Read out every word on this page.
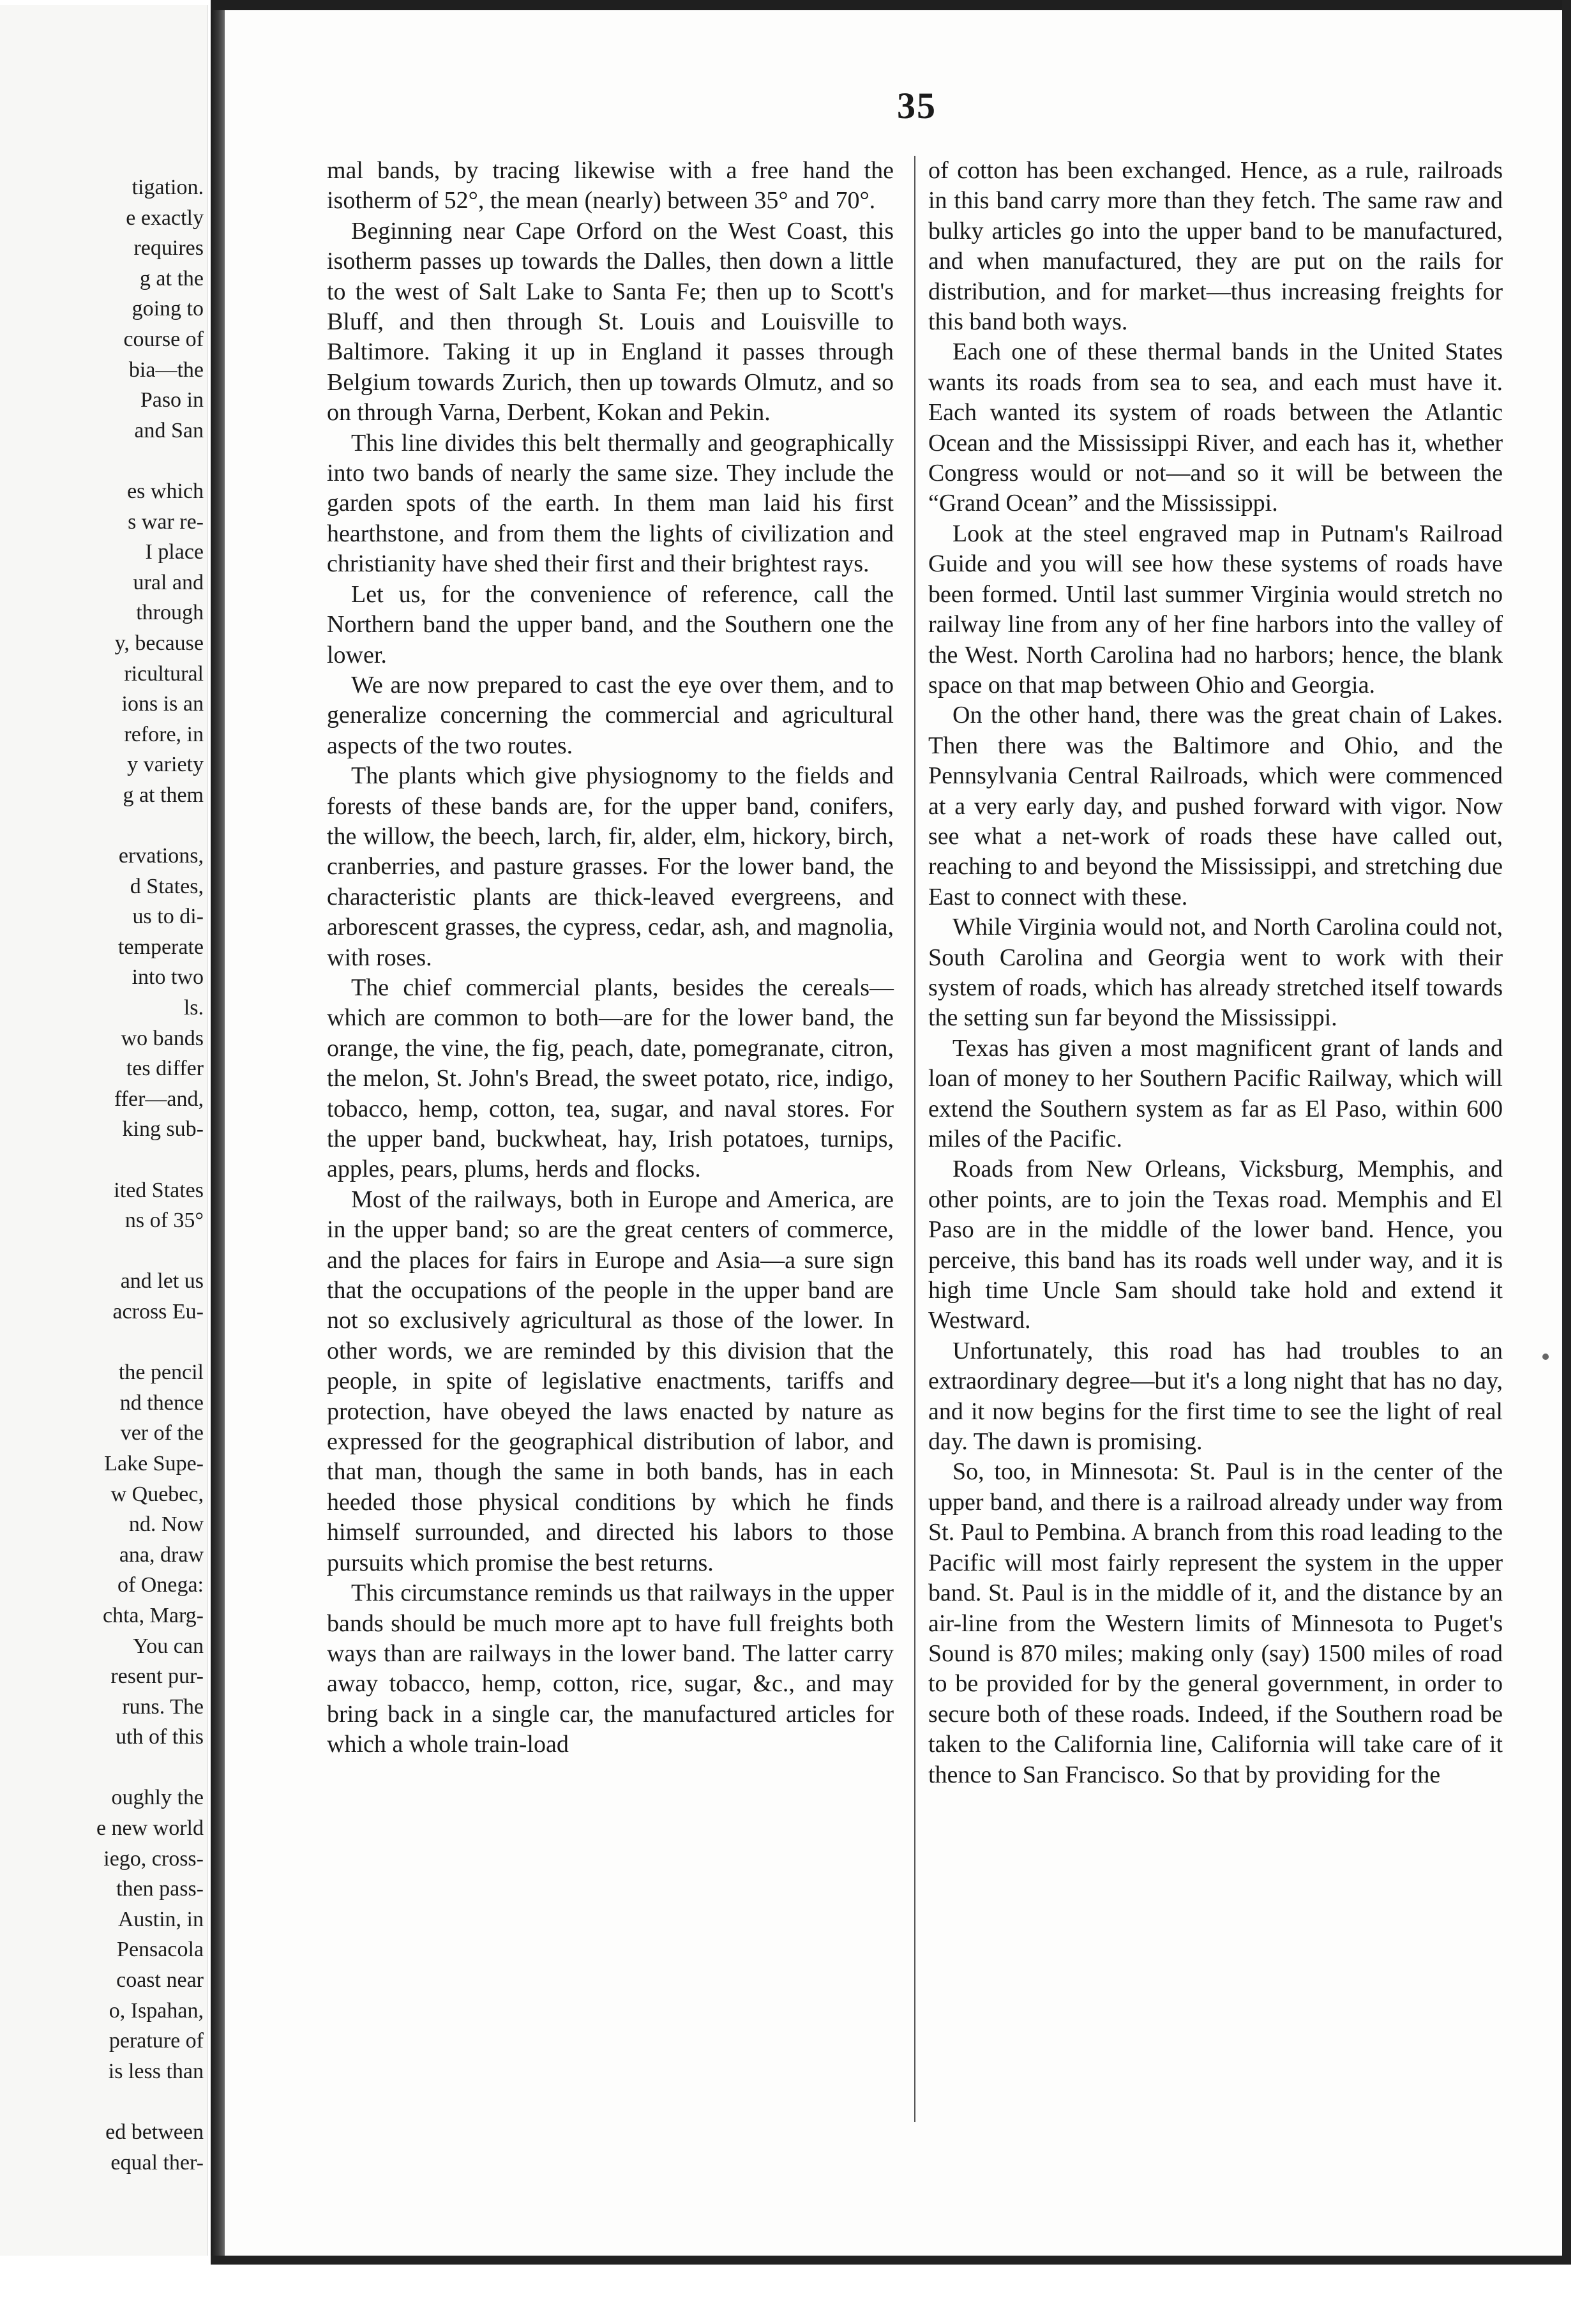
tigation.
e exactly
requires
g at the
going to
course of
bia—the
Paso in
and San
es which
s war re-
I place
ural and
through
y, because
ricultural
ions is an
refore, in
y variety
g at them
ervations,
d States,
us to di-
temperate
into two
ls.
wo bands
tes differ
ffer—and,
king sub-
ited States
ns of 35°
and let us
across Eu-
the pencil
nd thence
ver of the
Lake Supe-
w Quebec,
nd. Now
ana, draw
of Onega:
chta, Marg-
You can
resent pur-
runs. The
uth of this
oughly the
e new world
iego, cross-
then pass-
Austin, in
Pensacola
coast near
o, Ispahan,
perature of
is less than
ed between
equal ther-
35

mal bands, by tracing likewise with a free hand the isotherm of 52°, the mean (nearly) between 35° and 70°.

Beginning near Cape Orford on the West Coast, this isotherm passes up towards the Dalles, then down a little to the west of Salt Lake to Santa Fe; then up to Scott's Bluff, and then through St. Louis and Louisville to Baltimore. Taking it up in England it passes through Belgium towards Zurich, then up towards Olmutz, and so on through Varna, Derbent, Kokan and Pekin.

This line divides this belt thermally and geographically into two bands of nearly the same size. They include the garden spots of the earth. In them man laid his first hearthstone, and from them the lights of civilization and christianity have shed their first and their brightest rays.

Let us, for the convenience of reference, call the Northern band the upper band, and the Southern one the lower.

We are now prepared to cast the eye over them, and to generalize concerning the commercial and agricultural aspects of the two routes.

The plants which give physiognomy to the fields and forests of these bands are, for the upper band, conifers, the willow, the beech, larch, fir, alder, elm, hickory, birch, cranberries, and pasture grasses. For the lower band, the characteristic plants are thick-leaved evergreens, and arborescent grasses, the cypress, cedar, ash, and magnolia, with roses.

The chief commercial plants, besides the cereals—which are common to both—are for the lower band, the orange, the vine, the fig, peach, date, pomegranate, citron, the melon, St. John's Bread, the sweet potato, rice, indigo, tobacco, hemp, cotton, tea, sugar, and naval stores. For the upper band, buckwheat, hay, Irish potatoes, turnips, apples, pears, plums, herds and flocks.

Most of the railways, both in Europe and America, are in the upper band; so are the great centers of commerce, and the places for fairs in Europe and Asia—a sure sign that the occupations of the people in the upper band are not so exclusively agricultural as those of the lower. In other words, we are reminded by this division that the people, in spite of legislative enactments, tariffs and protection, have obeyed the laws enacted by nature as expressed for the geographical distribution of labor, and that man, though the same in both bands, has in each heeded those physical conditions by which he finds himself surrounded, and directed his labors to those pursuits which promise the best returns.

This circumstance reminds us that railways in the upper bands should be much more apt to have full freights both ways than are railways in the lower band. The latter carry away tobacco, hemp, cotton, rice, sugar, &c., and may bring back in a single car, the manufactured articles for which a whole train-load

of cotton has been exchanged. Hence, as a rule, railroads in this band carry more than they fetch. The same raw and bulky articles go into the upper band to be manufactured, and when manufactured, they are put on the rails for distribution, and for market—thus increasing freights for this band both ways.

Each one of these thermal bands in the United States wants its roads from sea to sea, and each must have it. Each wanted its system of roads between the Atlantic Ocean and the Mississippi River, and each has it, whether Congress would or not—and so it will be between the “Grand Ocean” and the Mississippi.

Look at the steel engraved map in Putnam's Railroad Guide and you will see how these systems of roads have been formed. Until last summer Virginia would stretch no railway line from any of her fine harbors into the valley of the West. North Carolina had no harbors; hence, the blank space on that map between Ohio and Georgia.

On the other hand, there was the great chain of Lakes. Then there was the Baltimore and Ohio, and the Pennsylvania Central Railroads, which were commenced at a very early day, and pushed forward with vigor. Now see what a net-work of roads these have called out, reaching to and beyond the Mississippi, and stretching due East to connect with these.

While Virginia would not, and North Carolina could not, South Carolina and Georgia went to work with their system of roads, which has already stretched itself towards the setting sun far beyond the Mississippi.

Texas has given a most magnificent grant of lands and loan of money to her Southern Pacific Railway, which will extend the Southern system as far as El Paso, within 600 miles of the Pacific.

Roads from New Orleans, Vicksburg, Memphis, and other points, are to join the Texas road. Memphis and El Paso are in the middle of the lower band. Hence, you perceive, this band has its roads well under way, and it is high time Uncle Sam should take hold and extend it Westward.

Unfortunately, this road has had troubles to an extraordinary degree—but it's a long night that has no day, and it now begins for the first time to see the light of real day. The dawn is promising.

So, too, in Minnesota: St. Paul is in the center of the upper band, and there is a railroad already under way from St. Paul to Pembina. A branch from this road leading to the Pacific will most fairly represent the system in the upper band. St. Paul is in the middle of it, and the distance by an air-line from the Western limits of Minnesota to Puget's Sound is 870 miles; making only (say) 1500 miles of road to be provided for by the general government, in order to secure both of these roads. Indeed, if the Southern road be taken to the California line, California will take care of it thence to San Francisco. So that by providing for the
